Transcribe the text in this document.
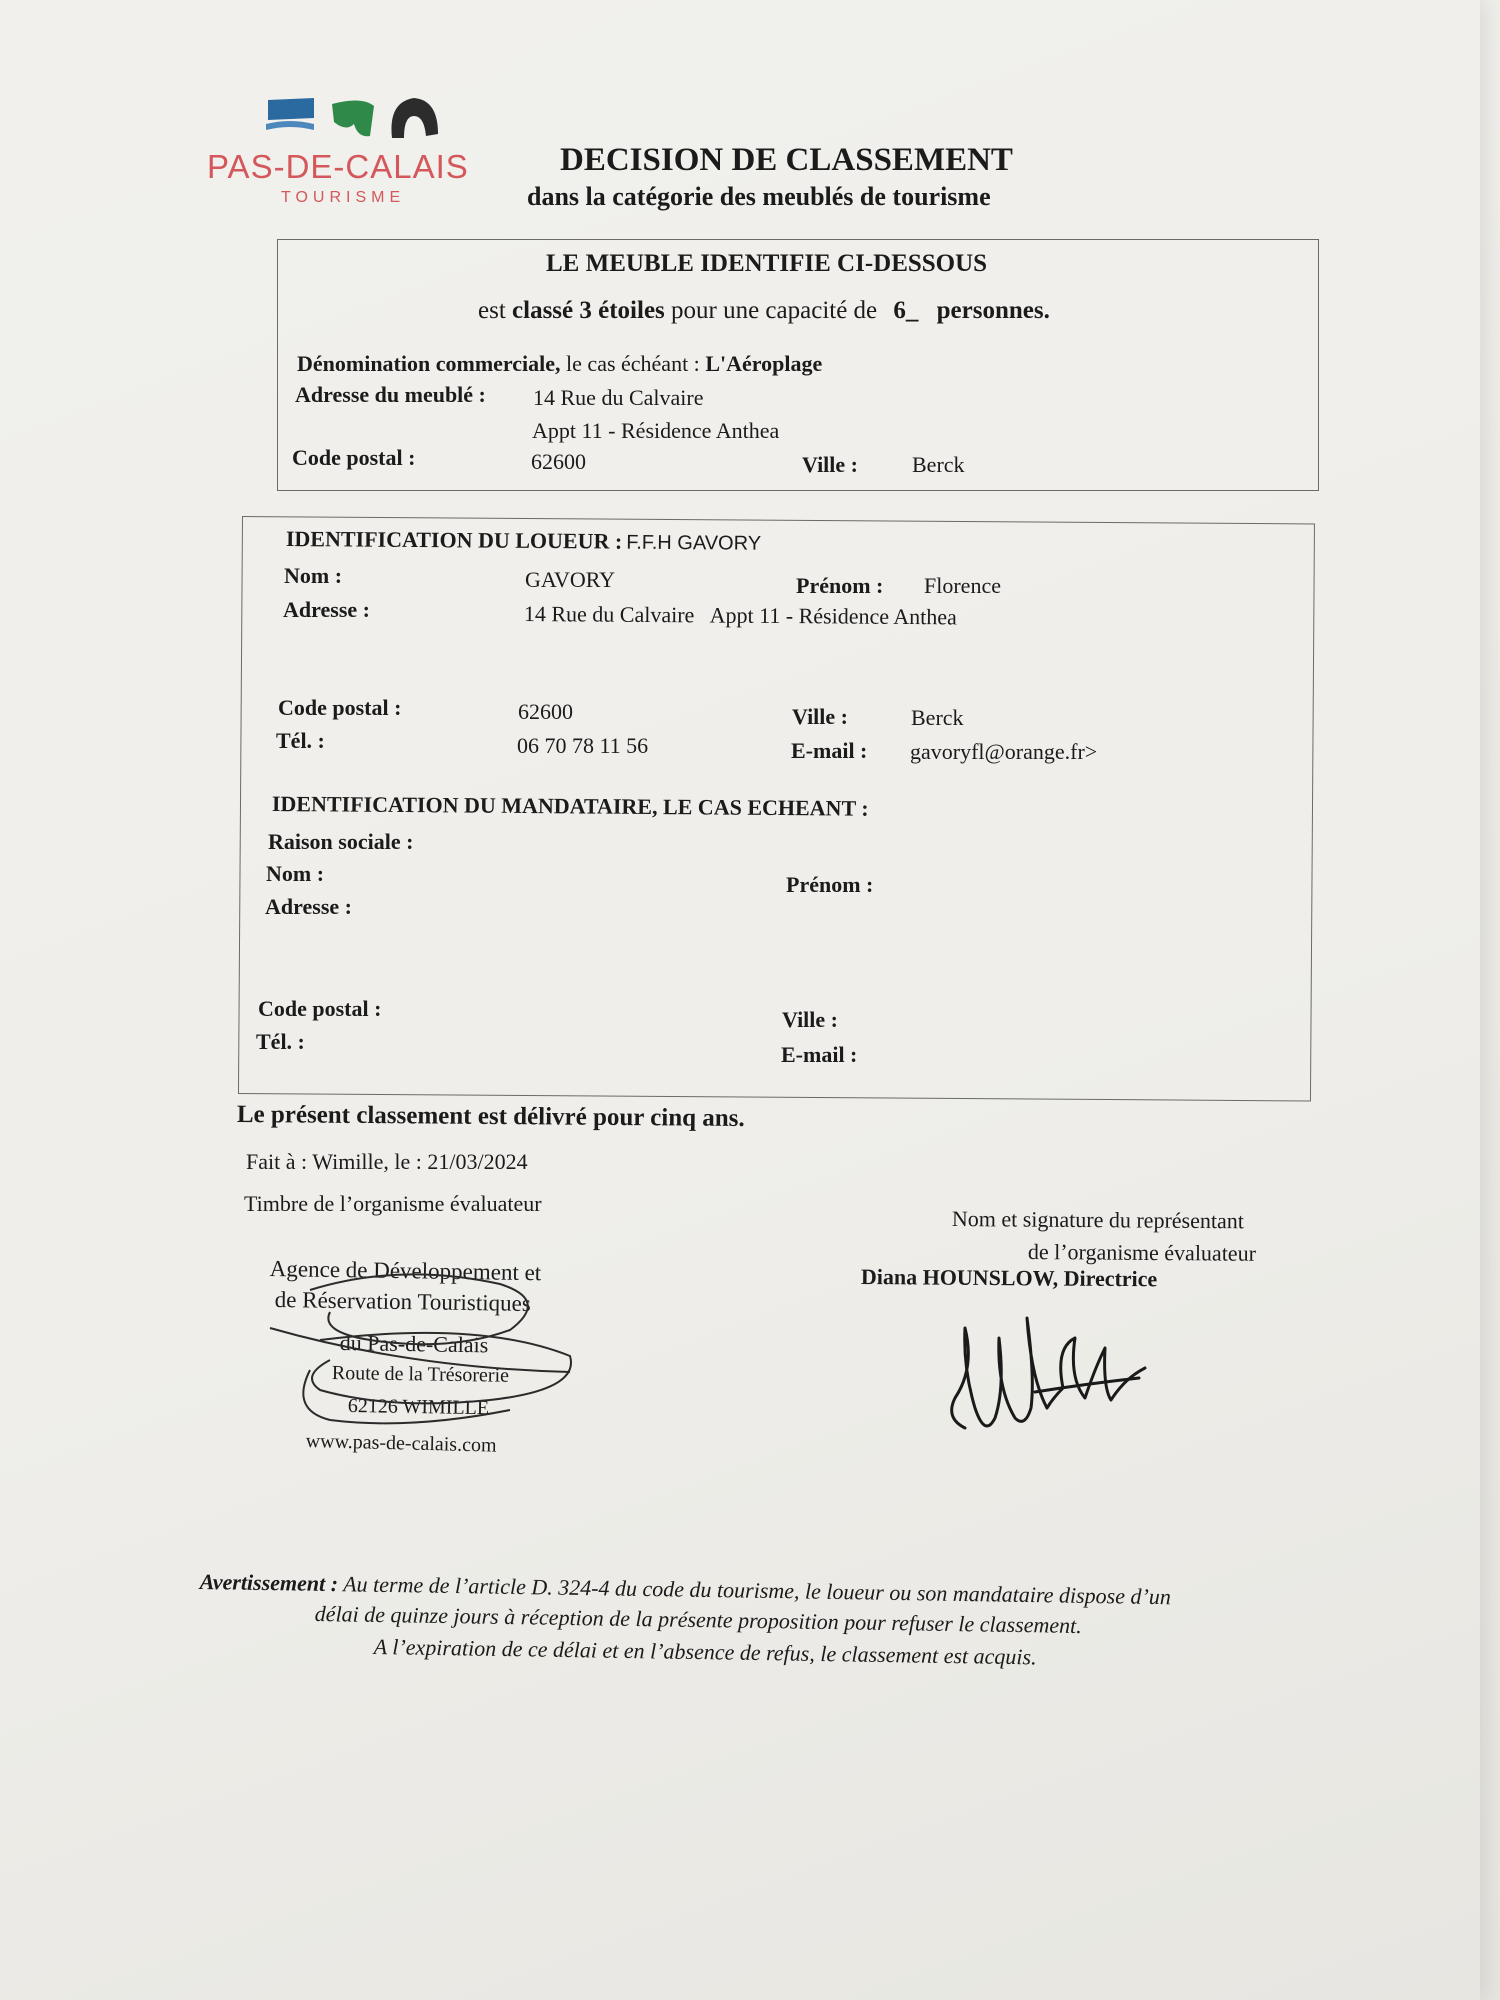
PAS-DE-CALAIS
TOURISME
DECISION DE CLASSEMENT
dans la catégorie des meublés de tourisme
LE MEUBLE IDENTIFIE CI-DESSOUS
est classé 3 étoiles pour une capacité de 6_ personnes.
Dénomination commerciale, le cas échéant : L'Aéroplage
Adresse du meublé : 14 Rue du Calvaire
Appt 11 - Résidence Anthea
Code postal :	62600	Ville : Berck
IDENTIFICATION DU LOUEUR : F.F.H GAVORY
Nom :	GAVORY	Prénom : Florence
Adresse :	14 Rue du Calvaire Appt 11 - Résidence Anthea
Code postal :	62600	Ville :	Berck
Tél. :	06 70 78 11 56	E-mail : gavoryfl@orange.fr>
IDENTIFICATION DU MANDATAIRE, LE CAS ECHEANT :
Raison sociale :
Nom :	Prénom :
Adresse :
Code postal :	Ville :
Tél. :
E-mail :
Le présent classement est délivré pour cinq ans.
Fait à : Wimille, le : 21/03/2024
Timbre de l’organisme évaluateur
Nom et signature du représentant
de l’organisme évaluateur
Diana HOUNSLOW, Directrice
Agence de Développement et
de Réservation Touristiques
du Pas-de-Calais
Route de la Trésorerie
62126 WIMILLE
www.pas-de-calais.com
Avertissement : Au terme de l’article D. 324-4 du code du tourisme, le loueur ou son mandataire dispose d’un
délai de quinze jours à réception de la présente proposition pour refuser le classement.
A l’expiration de ce délai et en l’absence de refus, le classement est acquis.
